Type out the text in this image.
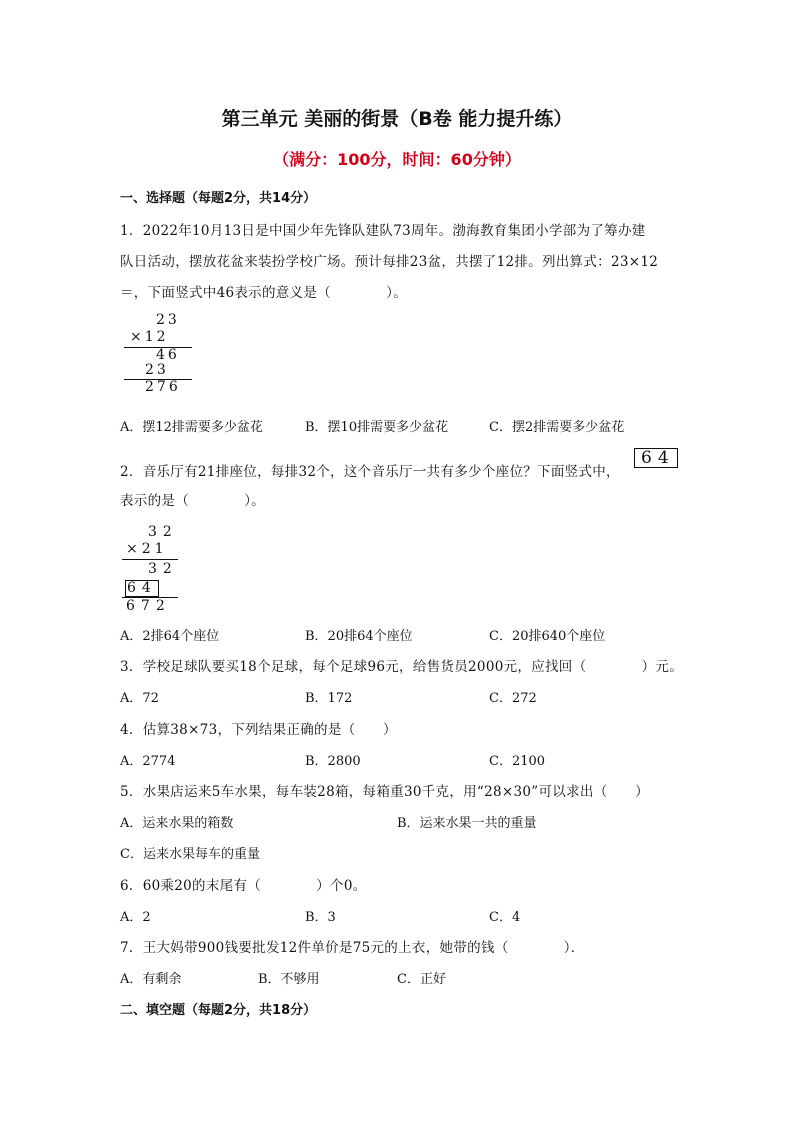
第三单元 美丽的街景（B卷 能力提升练）
（满分：100分，时间：60分钟）
一、选择题（每题2分，共14分）
1．2022年10月13日是中国少年先锋队建队73周年。渤海教育集团小学部为了筹办建
队日活动，摆放花盆来装扮学校广场。预计每排23盆，共摆了12排。列出算式：23×12
＝，下面竖式中46表示的意义是（　　　　）。
23
×12
46
23
276
A．摆12排需要多少盆花	B．摆10排需要多少盆花	C．摆2排需要多少盆花
2．音乐厅有21排座位，每排32个，这个音乐厅一共有多少个座位？下面竖式中，
64
表示的是（　　　　）。
32
×21
32
64
672
A．2排64个座位	B．20排64个座位	C．20排640个座位
3．学校足球队要买18个足球，每个足球96元，给售货员2000元，应找回（　　　　）元。
A．72	B．172	C．272
4．估算38×73，下列结果正确的是（　　）
A．2774	B．2800	C．2100
5．水果店运来5车水果，每车装28箱，每箱重30千克，用“28×30”可以求出（　　）
A．运来水果的箱数	B．运来水果一共的重量
C．运来水果每车的重量
6．60乘20的末尾有（　　　　）个0。
A．2	B．3	C．4
7．王大妈带900钱要批发12件单价是75元的上衣，她带的钱（　　　　）．
A．有剩余	B．不够用	C．正好
二、填空题（每题2分，共18分）
